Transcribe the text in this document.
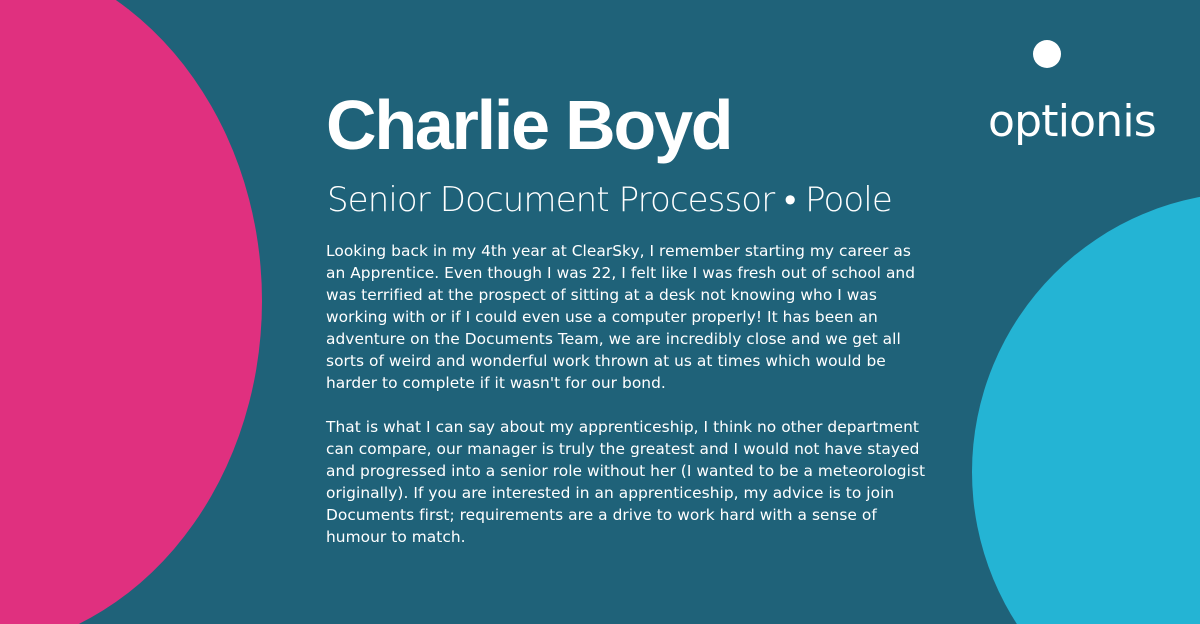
Charlie Boyd
Senior Document Processor • Poole

Looking back in my 4th year at ClearSky, I remember starting my career as an Apprentice. Even though I was 22, I felt like I was fresh out of school and was terrified at the prospect of sitting at a desk not knowing who I was working with or if I could even use a computer properly! It has been an adventure on the Documents Team, we are incredibly close and we get all sorts of weird and wonderful work thrown at us at times which would be harder to complete if it wasn't for our bond.

That is what I can say about my apprenticeship, I think no other department can compare, our manager is truly the greatest and I would not have stayed and progressed into a senior role without her (I wanted to be a meteorologist originally). If you are interested in an apprenticeship, my advice is to join Documents first; requirements are a drive to work hard with a sense of humour to match.

optionis
